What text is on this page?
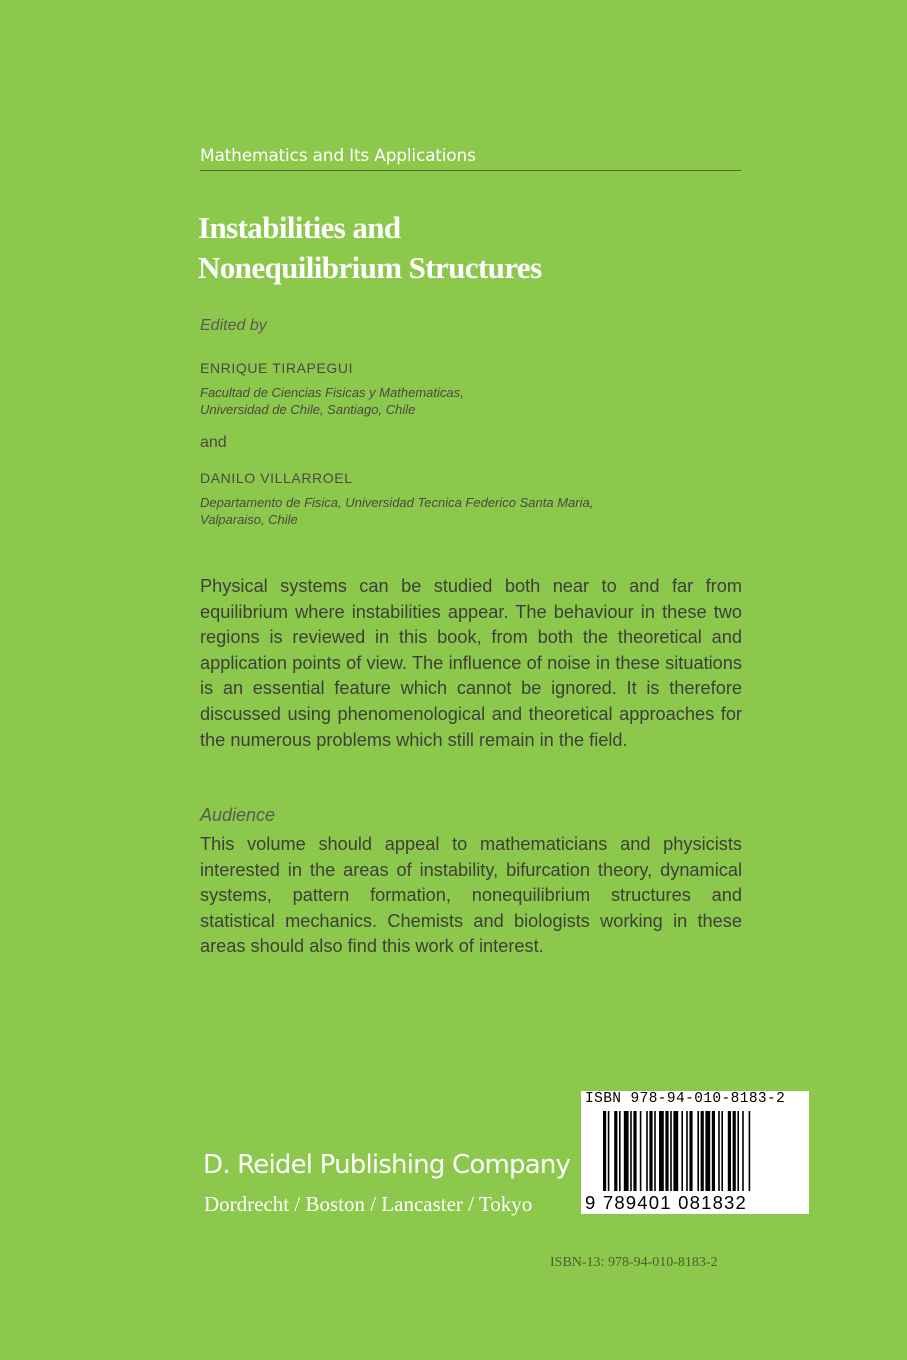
Mathematics and Its Applications
Instabilities and
Nonequilibrium Structures
Edited by
ENRIQUE TIRAPEGUI
Facultad de Ciencias Fisicas y Mathematicas,
Universidad de Chile, Santiago, Chile
and
DANILO VILLARROEL
Departamento de Fisica, Universidad Tecnica Federico Santa Maria,
Valparaiso, Chile
Physical systems can be studied both near to and far from equilibrium where instabilities appear. The behaviour in these two regions is reviewed in this book, from both the theoretical and application points of view. The influence of noise in these situations is an essential feature which cannot be ignored. It is therefore discussed using phenomenological and theoretical approaches for the numerous problems which still remain in the field.
Audience
This volume should appeal to mathematicians and physicists interested in the areas of instability, bifurcation theory, dynamical systems, pattern formation, nonequilibrium structures and statistical mechanics. Chemists and biologists working in these areas should also find this work of interest.
D. Reidel Publishing Company
Dordrecht / Boston / Lancaster / Tokyo
ISBN 978-94-010-8183-2
9 789401 081832
ISBN-13: 978-94-010-8183-2
